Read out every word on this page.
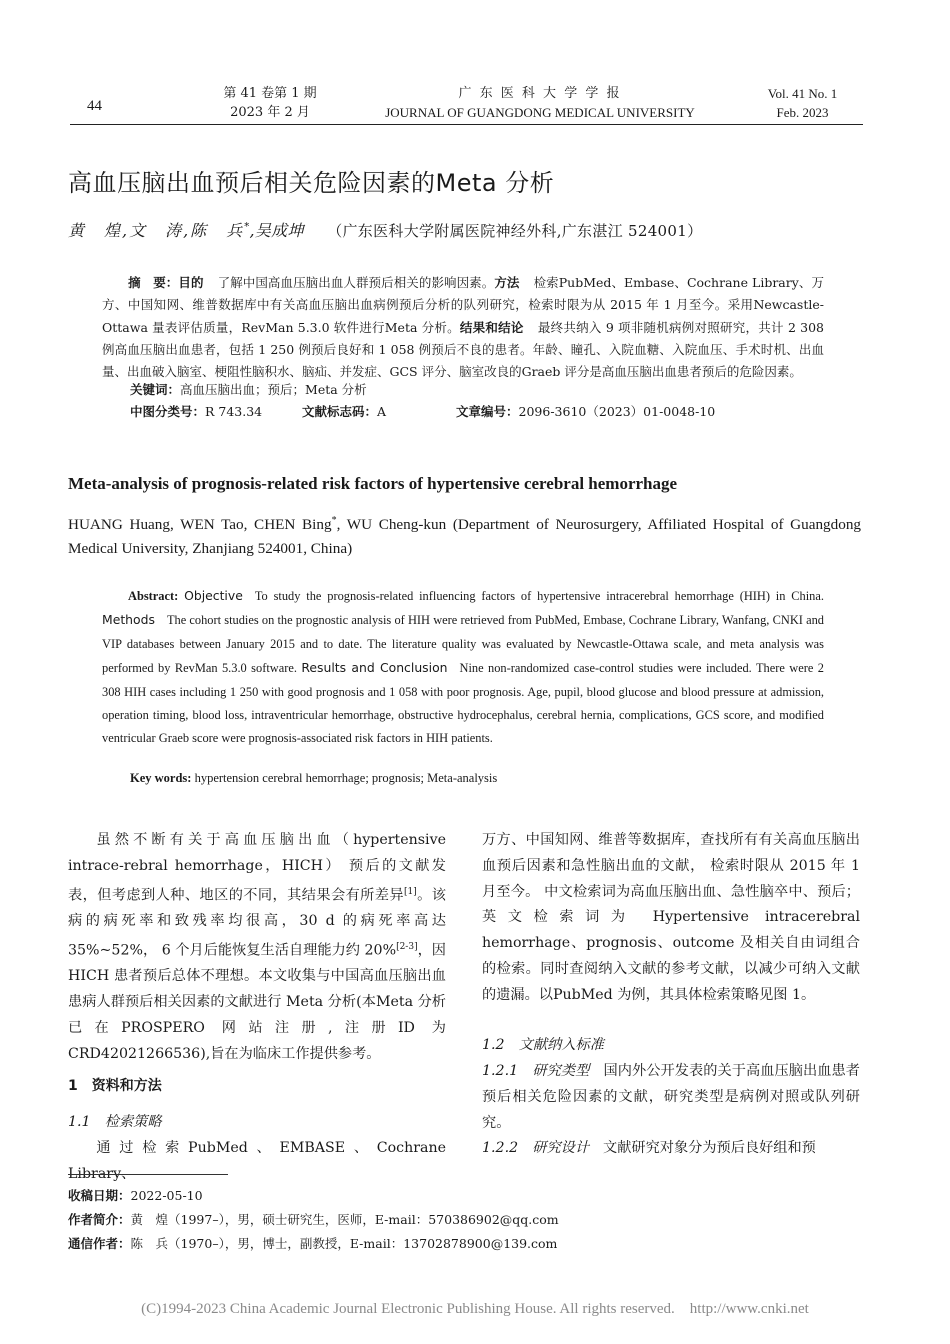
44
第 41 卷第 1 期
2023 年 2 月
广 东 医 科 大 学 学 报
JOURNAL OF GUANGDONG MEDICAL UNIVERSITY
Vol. 41 No. 1
Feb. 2023
高血压脑出血预后相关危险因素的Meta 分析
黄　煌,文　涛,陈　兵*,吴成坤 （广东医科大学附属医院神经外科,广东湛江 524001）
摘　要：目的 了解中国高血压脑出血人群预后相关的影响因素。方法 检索PubMed、Embase、Cochrane Library、万方、中国知网、维普数据库中有关高血压脑出血病例预后分析的队列研究，检索时限为从 2015 年 1 月至今。采用Newcastle-Ottawa 量表评估质量，RevMan 5.3.0 软件进行Meta 分析。结果和结论 最终共纳入 9 项非随机病例对照研究，共计 2 308 例高血压脑出血患者，包括 1 250 例预后良好和 1 058 例预后不良的患者。年龄、瞳孔、入院血糖、入院血压、手术时机、出血量、出血破入脑室、梗阻性脑积水、脑疝、并发症、GCS 评分、脑室改良的Graeb 评分是高血压脑出血患者预后的危险因素。
关键词：高血压脑出血；预后；Meta 分析
中图分类号：R 743.34	文献标志码：A	文章编号：2096-3610（2023）01-0048-10
Meta-analysis of prognosis-related risk factors of hypertensive cerebral hemorrhage
HUANG Huang, WEN Tao, CHEN Bing*, WU Cheng-kun (Department of Neurosurgery, Affiliated Hospital of Guangdong Medical University, Zhanjiang 524001, China)
Abstract: Objective To study the prognosis-related influencing factors of hypertensive intracerebral hemorrhage (HIH) in China. Methods The cohort studies on the prognostic analysis of HIH were retrieved from PubMed, Embase, Cochrane Library, Wanfang, CNKI and VIP databases between January 2015 and to date. The literature quality was evaluated by Newcastle-Ottawa scale, and meta analysis was performed by RevMan 5.3.0 software. Results and Conclusion Nine non-randomized case-control studies were included. There were 2 308 HIH cases including 1 250 with good prognosis and 1 058 with poor prognosis. Age, pupil, blood glucose and blood pressure at admission, operation timing, blood loss, intraventricular hemorrhage, obstructive hydrocephalus, cerebral hernia, complications, GCS score, and modified ventricular Graeb score were prognosis-associated risk factors in HIH patients.
Key words: hypertension cerebral hemorrhage; prognosis; Meta-analysis
虽然不断有关于高血压脑出血（hypertensive intrace-rebral hemorrhage，HICH） 预后的文献发表，但考虑到人种、地区的不同，其结果会有所差异[1]。该病的病死率和致残率均很高，30 d 的病死率高达 35%~52%， 6 个月后能恢复生活自理能力约 20%[2-3]，因 HICH 患者预后总体不理想。本文收集与中国高血压脑出血患病人群预后相关因素的文献进行 Meta 分析(本Meta 分析已在PROSPERO 网站注册,注册ID 为CRD42021266536),旨在为临床工作提供参考。
1　资料和方法
1.1　检索策略
通过检索PubMed、EMBASE、Cochrane Library、
万方、中国知网、维普等数据库，查找所有有关高血压脑出血预后因素和急性脑出血的文献， 检索时限从 2015 年 1 月至今。 中文检索词为高血压脑出血、急性脑卒中、预后；英文检索词为 Hypertensive intracerebral hemorrhage、prognosis、outcome 及相关自由词组合的检索。同时查阅纳入文献的参考文献，以减少可纳入文献的遗漏。以PubMed 为例，其具体检索策略见图 1。
1.2　文献纳入标准
1.2.1　研究类型 国内外公开发表的关于高血压脑出血患者预后相关危险因素的文献，研究类型是病例对照或队列研究。
1.2.2　研究设计 文献研究对象分为预后良好组和预
收稿日期：2022-05-10
作者简介：黄　煌（1997–），男，硕士研究生，医师，E-mail：570386902@qq.com
通信作者：陈　兵（1970–），男，博士，副教授，E-mail：13702878900@139.com
(C)1994-2023 China Academic Journal Electronic Publishing House. All rights reserved.　http://www.cnki.net
